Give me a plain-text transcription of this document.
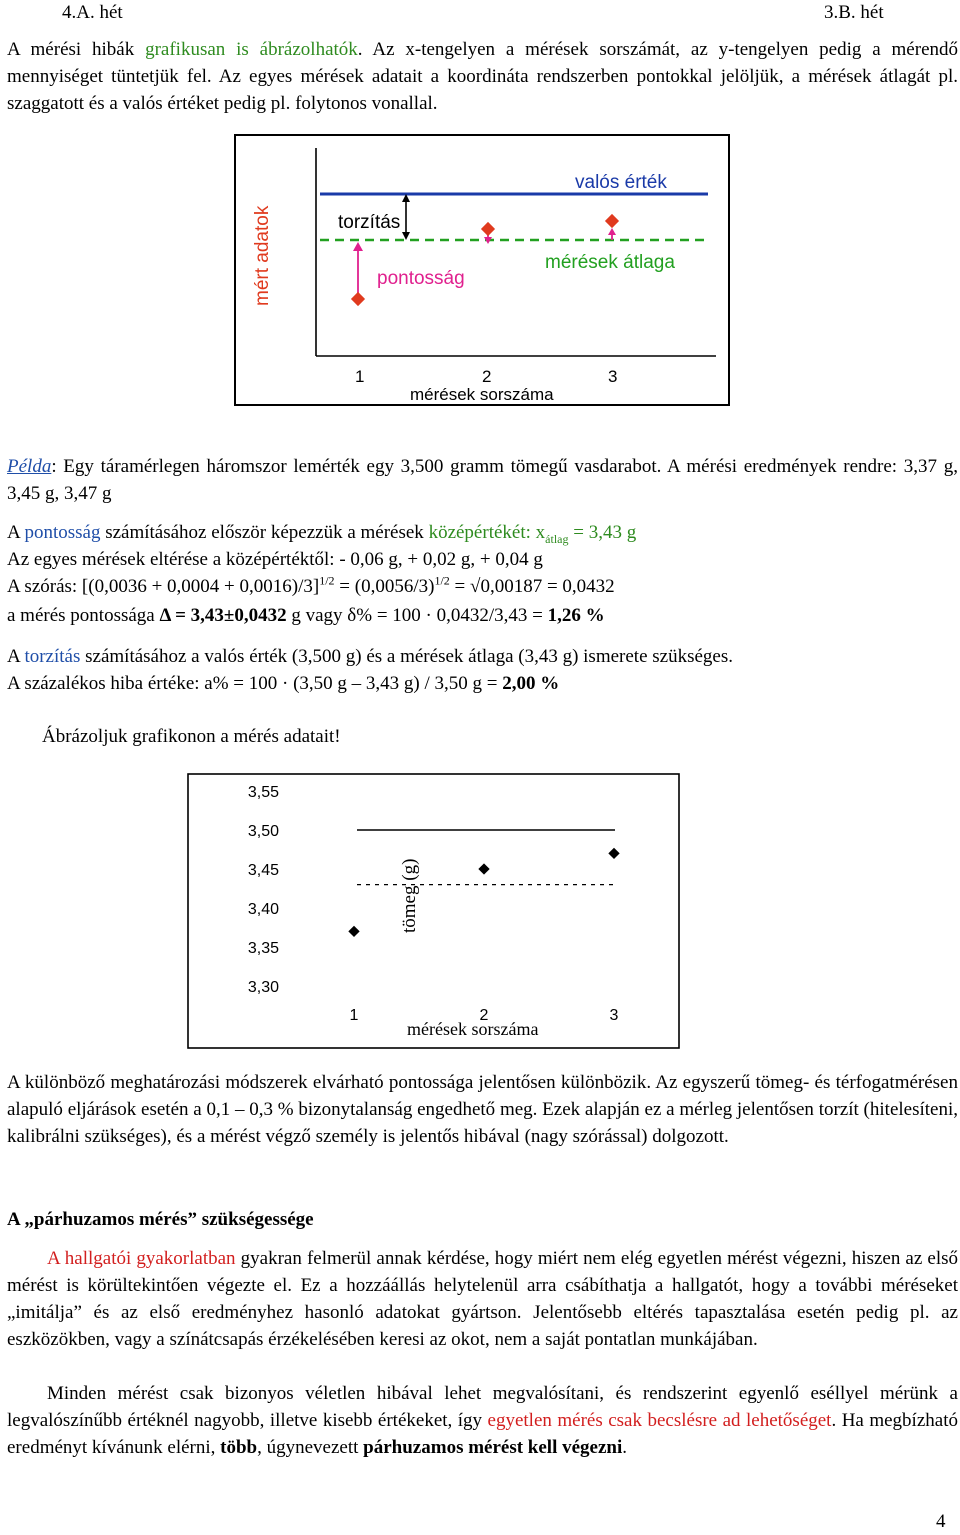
4.A. hét	3.B. hét

A mérési hibák grafikusan is ábrázolhatók. Az x-tengelyen a mérések sorszámát, az y-tengelyen pedig a mérendő mennyiséget tüntetjük fel. Az egyes mérések adatait a koordináta rendszerben pontokkal jelöljük, a mérések átlagát pl. szaggatott és a valós értéket pedig pl. folytonos vonallal.

valós érték
torzítás
pontosság
mérések átlaga
mért adatok
1	2	3
mérések sorszáma

Példa: Egy táramérlegen háromszor lemérték egy 3,500 gramm tömegű vasdarabot. A mérési eredmények rendre: 3,37 g, 3,45 g, 3,47 g

A pontosság számításához először képezzük a mérések középértékét: $x_{átlag} = 3,43$ g
Az egyes mérések eltérése a középértéktől: - 0,06 g, + 0,02 g, + 0,04 g
A szórás: $[(0,0036 + 0,0004 + 0,0016)/3]^{1/2} = (0,0056/3)^{1/2} = √0,00187 = 0,0432$
a mérés pontossága Δ = 3,43±0,0432 g vagy δ% = 100 · 0,0432/3,43 = 1,26 %
A torzítás számításához a valós érték (3,500 g) és a mérések átlaga (3,43 g) ismerete szükséges.
A százalékos hiba értéke: a% = 100 · (3,50 g – 3,43 g) / 3,50 g = 2,00 %
Ábrázoljuk grafikonon a mérés adatait!
3,55
3,50
3,45
3,40
3,35
3,30
1	2	3
tömeg (g)
mérések sorszáma

A különböző meghatározási módszerek elvárható pontossága jelentősen különbözik. Az egyszerű tömeg- és térfogatmérésen alapuló eljárások esetén a 0,1 – 0,3 % bizonytalanság engedhető meg. Ezek alapján ez a mérleg jelentősen torzít (hitelesíteni, kalibrálni szükséges), és a mérést végző személy is jelentős hibával (nagy szórással) dolgozott.

A „párhuzamos mérés” szükségessége

A hallgatói gyakorlatban gyakran felmerül annak kérdése, hogy miért nem elég egyetlen mérést végezni, hiszen az első mérést is körültekintően végezte el. Ez a hozzáállás helytelenül arra csábíthatja a hallgatót, hogy a további méréseket „imitálja” és az első eredményhez hasonló adatokat gyártson. Jelentősebb eltérés tapasztalása esetén pedig pl. az eszközökben, vagy a színátcsapás érzékelésében keresi az okot, nem a saját pontatlan munkájában.

Minden mérést csak bizonyos véletlen hibával lehet megvalósítani, és rendszerint egyenlő eséllyel mérünk a legvalószínűbb értéknél nagyobb, illetve kisebb értékeket, így egyetlen mérés csak becslésre ad lehetőséget. Ha megbízható eredményt kívánunk elérni, több, úgynevezett párhuzamos mérést kell végezni.

4
